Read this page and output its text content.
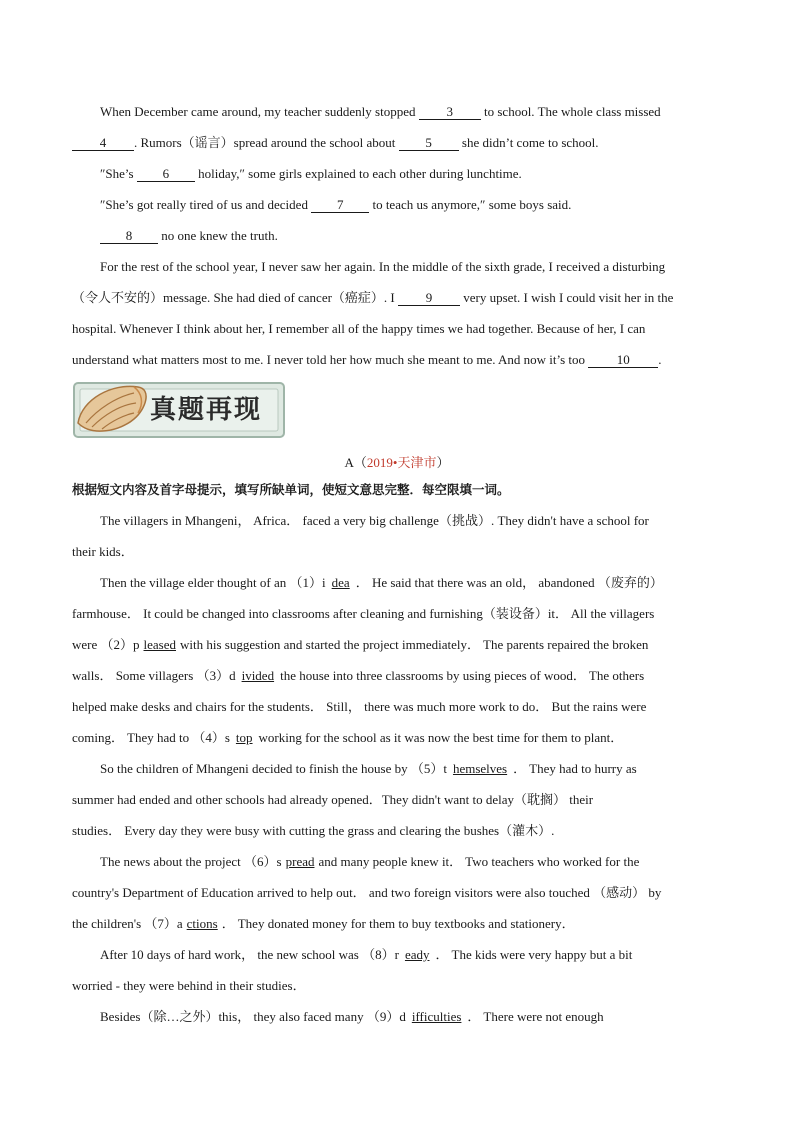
When December came around, my teacher suddenly stopped 3 to school. The whole class missed

4 . Rumors（谣言）spread around the school about 5 she didn’t come to school.

″She’s 6 holiday,″ some girls explained to each other during lunchtime.

″She’s got really tired of us and decided 7 to teach us anymore,″ some boys said.

8 no one knew the truth.

For the rest of the school year, I never saw her again. In the middle of the sixth grade, I received a disturbing

（令人不安的）message. She had died of cancer（癌症）. I 9 very upset. I wish I could visit her in the

hospital. Whenever I think about her, I remember all of the happy times we had together. Because of her, I can

understand what matters most to me. I never told her how much she meant to me. And now it’s too 10 .

真题再现

A（2019•天津市）

根据短文内容及首字母提示，填写所缺单词，使短文意思完整．每空限填一词。

The villagers in Mhangeni， Africa． faced a very big challenge（挑战）. They didn't have a school for

their kids．

Then the village elder thought of an （1）i dea ． He said that there was an old， abandoned （废弃的）

farmhouse． It could be changed into classrooms after cleaning and furnishing（装设备）it． All the villagers

were （2）p leased with his suggestion and started the project immediately． The parents repaired the broken

walls． Some villagers （3）d ivided the house into three classrooms by using pieces of wood． The others

helped make desks and chairs for the students． Still， there was much more work to do． But the rains were

coming． They had to （4）s top working for the school as it was now the best time for them to plant．

So the children of Mhangeni decided to finish the house by （5）t hemselves ． They had to hurry as

summer had ended and other schools had already opened．They didn't want to delay（耽搁） their

studies． Every day they were busy with cutting the grass and clearing the bushes（灌木）.

The news about the project （6）s pread and many people knew it． Two teachers who worked for the

country's Department of Education arrived to help out． and two foreign visitors were also touched （感动） by

the children's （7）a ctions ． They donated money for them to buy textbooks and stationery．

After 10 days of hard work， the new school was （8）r eady ． The kids were very happy but a bit

worried - they were behind in their studies．

Besides（除…之外）this， they also faced many （9）d ifficulties ． There were not enough
